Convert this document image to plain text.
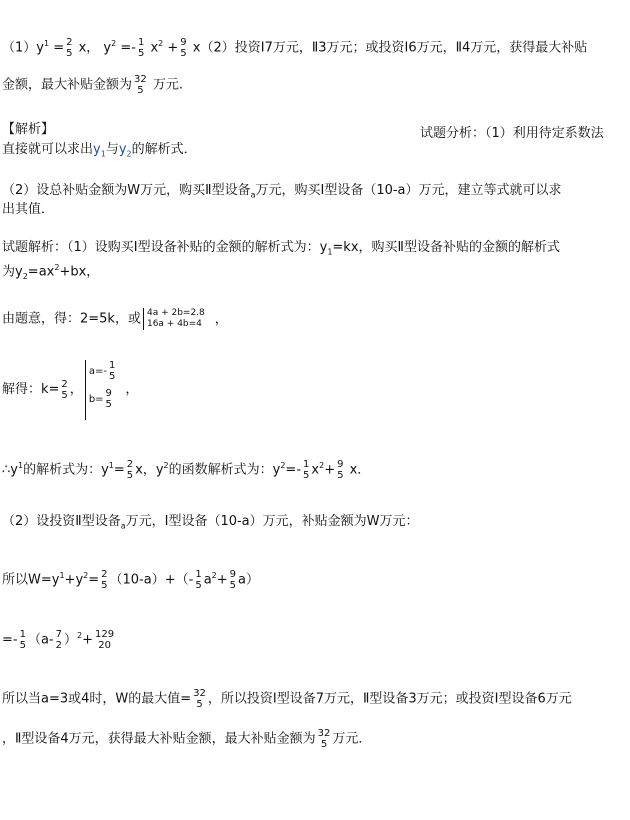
$(1)y^1 = 2$
5 x， $y^2 =- 1$
5 $x^2 + 9$
5 x（2）投资Ⅰ7万元，Ⅱ3万元；或投资Ⅰ6万元，Ⅱ4万元，获得最大补贴
金额，最大补贴金额为 32
5 万元.
【解析】	试题分析：（1）利用待定系数法
直接就可以求出$y_1$与$y_2$的解析式．
（2）设总补贴金额为W万元，购买Ⅱ型设备$_a$万元，购买Ⅰ型设备（10-a）万元，建立等式就可以求
出其值．
试题解析：（1）设购买Ⅰ型设备补贴的金额的解析式为：$y_1=kx$，购买Ⅱ型设备补贴的金额的解析式
为$y_2=ax^2+bx$，
由题意，得：2=5k，或 4a + 2b=2.8
16a + 4b=4 ，
解得：k= 2
5 ，
a=-
1
5
b=
9
5
，
$\therefore y^1$的解析式为：$y^1= 2$
5 x，$y^2$的函数解析式为：$y^2=-$ 1
5 $x^2+ 9$
5 x．
（2）设投资Ⅱ型设备$_a$万元，Ⅰ型设备（10-a）万元，补贴金额为W万元：
所以$W=y^1+y^2= 2$
5 （10-a）+（- 1
5 $a^2+ 9$
5 a）
=- 1
5 （a- 7
2 ）$^2$+ 129
20
所以当a=3或4时，W的最大值= 32
5 ，所以投资Ⅰ型设备7万元，Ⅱ型设备3万元；或投资Ⅰ型设备6万元
，Ⅱ型设备4万元，获得最大补贴金额，最大补贴金额为 32
5 万元．
